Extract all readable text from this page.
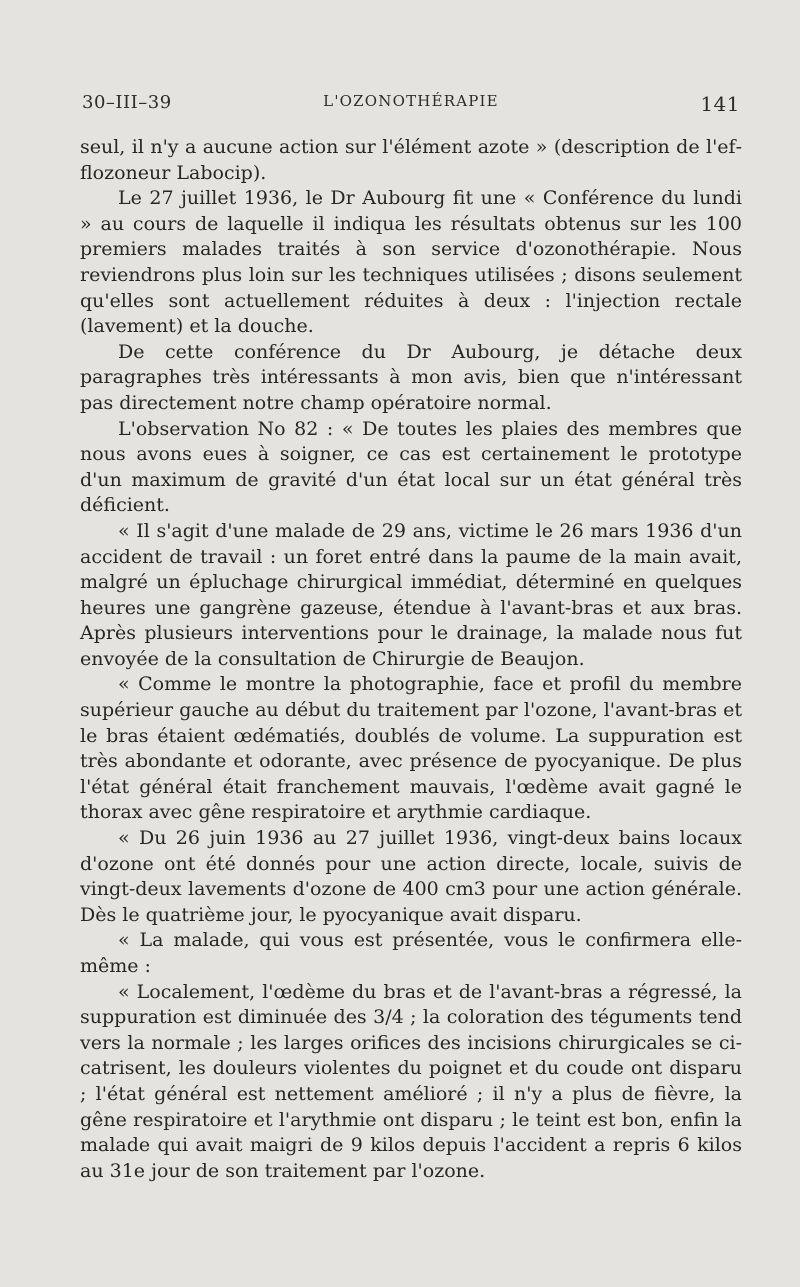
30–III–39	L'OZONOTHÉRAPIE	141

seul, il n'y a aucune action sur l'élément azote » (description de l'efflozoneur Labocip).

Le 27 juillet 1936, le Dr Aubourg fit une « Conférence du lundi » au cours de laquelle il indiqua les résultats obtenus sur les 100 premiers malades traités à son service d'ozonothérapie. Nous reviendrons plus loin sur les techniques utilisées ; disons seulement qu'elles sont actuellement réduites à deux : l'injection rectale (lavement) et la douche.

De cette conférence du Dr Aubourg, je détache deux paragraphes très intéressants à mon avis, bien que n'intéressant pas directement notre champ opératoire normal.

L'observation No 82 : « De toutes les plaies des membres que nous avons eues à soigner, ce cas est certainement le prototype d'un maximum de gravité d'un état local sur un état général très déficient.

« Il s'agit d'une malade de 29 ans, victime le 26 mars 1936 d'un accident de travail : un foret entré dans la paume de la main avait, malgré un épluchage chirurgical immédiat, déterminé en quelques heures une gangrène gazeuse, étendue à l'avant-bras et aux bras. Après plusieurs interventions pour le drainage, la malade nous fut envoyée de la consultation de Chirurgie de Beaujon.

« Comme le montre la photographie, face et profil du membre supérieur gauche au début du traitement par l'ozone, l'avant-bras et le bras étaient œdématiés, doublés de volume. La suppuration est très abondante et odorante, avec présence de pyocyanique. De plus l'état général était franchement mauvais, l'œdème avait gagné le thorax avec gêne respiratoire et arythmie cardiaque.

« Du 26 juin 1936 au 27 juillet 1936, vingt-deux bains locaux d'ozone ont été donnés pour une action directe, locale, suivis de vingt-deux lavements d'ozone de 400 cm3 pour une action générale. Dès le quatrième jour, le pyocyanique avait disparu.

« La malade, qui vous est présentée, vous le confirmera elle-même :

« Localement, l'œdème du bras et de l'avant-bras a régressé, la suppuration est diminuée des 3/4 ; la coloration des téguments tend vers la normale ; les larges orifices des incisions chirurgicales se cicatrisent, les douleurs violentes du poignet et du coude ont disparu ; l'état général est nettement amélioré ; il n'y a plus de fièvre, la gêne respiratoire et l'arythmie ont disparu ; le teint est bon, enfin la malade qui avait maigri de 9 kilos depuis l'accident a repris 6 kilos au 31e jour de son traitement par l'ozone.
